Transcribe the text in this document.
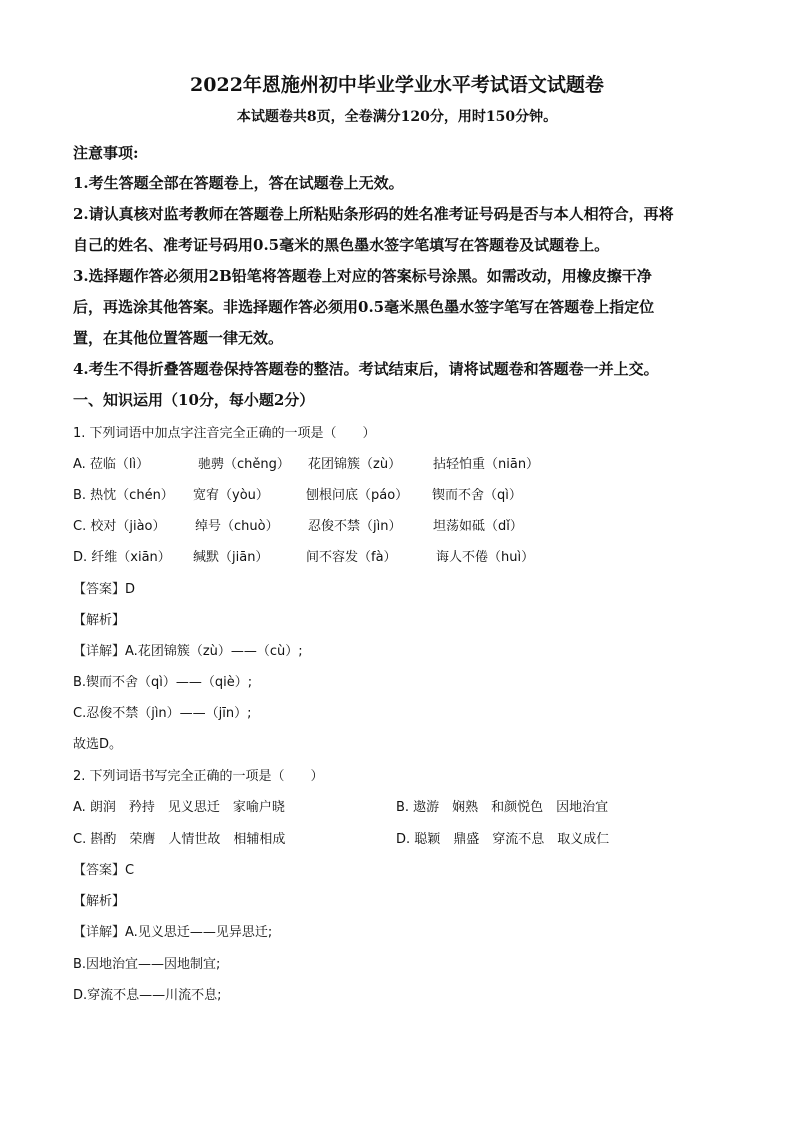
2022年恩施州初中毕业学业水平考试语文试题卷
本试题卷共8页，全卷满分120分，用时150分钟。
注意事项:
1.考生答题全部在答题卷上，答在试题卷上无效。
2.请认真核对监考教师在答题卷上所粘贴条形码的姓名准考证号码是否与本人相符合，再将
自己的姓名、准考证号码用0.5毫米的黑色墨水签字笔填写在答题卷及试题卷上。
3.选择题作答必须用2B铅笔将答题卷上对应的答案标号涂黑。如需改动，用橡皮擦干净
后，再选涂其他答案。非选择题作答必须用0.5毫米黑色墨水签字笔写在答题卷上指定位
置，在其他位置答题一律无效。
4.考生不得折叠答题卷保持答题卷的整洁。考试结束后，请将试题卷和答题卷一并上交。
一、知识运用（10分，每小题2分）
1. 下列词语中加点字注音完全正确的一项是（　　）
A. 莅临（lì）	驰骋（chěng） 花团锦簇（zù） 拈轻怕重（niān）
B. 热忱（chén） 宽宥（yòu）	刨根问底（páo） 锲而不舍（qì）
C. 校对（jiào） 绰号（chuò） 忍俊不禁（jìn） 坦荡如砥（dǐ）
D. 纤维（xiān） 缄默（jiān）	间不容发（fà）	诲人不倦（huì）
【答案】D
【解析】
【详解】A.花团锦簇（zù）——（cù）;
B.锲而不舍（qì）——（qiè）;
C.忍俊不禁（jìn）——（jīn）;
故选D。
2. 下列词语书写完全正确的一项是（　　）
A. 朗润　矜持　见义思迁　家喻户晓	B. 遨游　娴熟　和颜悦色　因地治宜
C. 斟酌　荣膺　人情世故　相辅相成	D. 聪颖　鼎盛　穿流不息　取义成仁
【答案】C
【解析】
【详解】A.见义思迁——见异思迁;
B.因地治宜——因地制宜;
D.穿流不息——川流不息;
